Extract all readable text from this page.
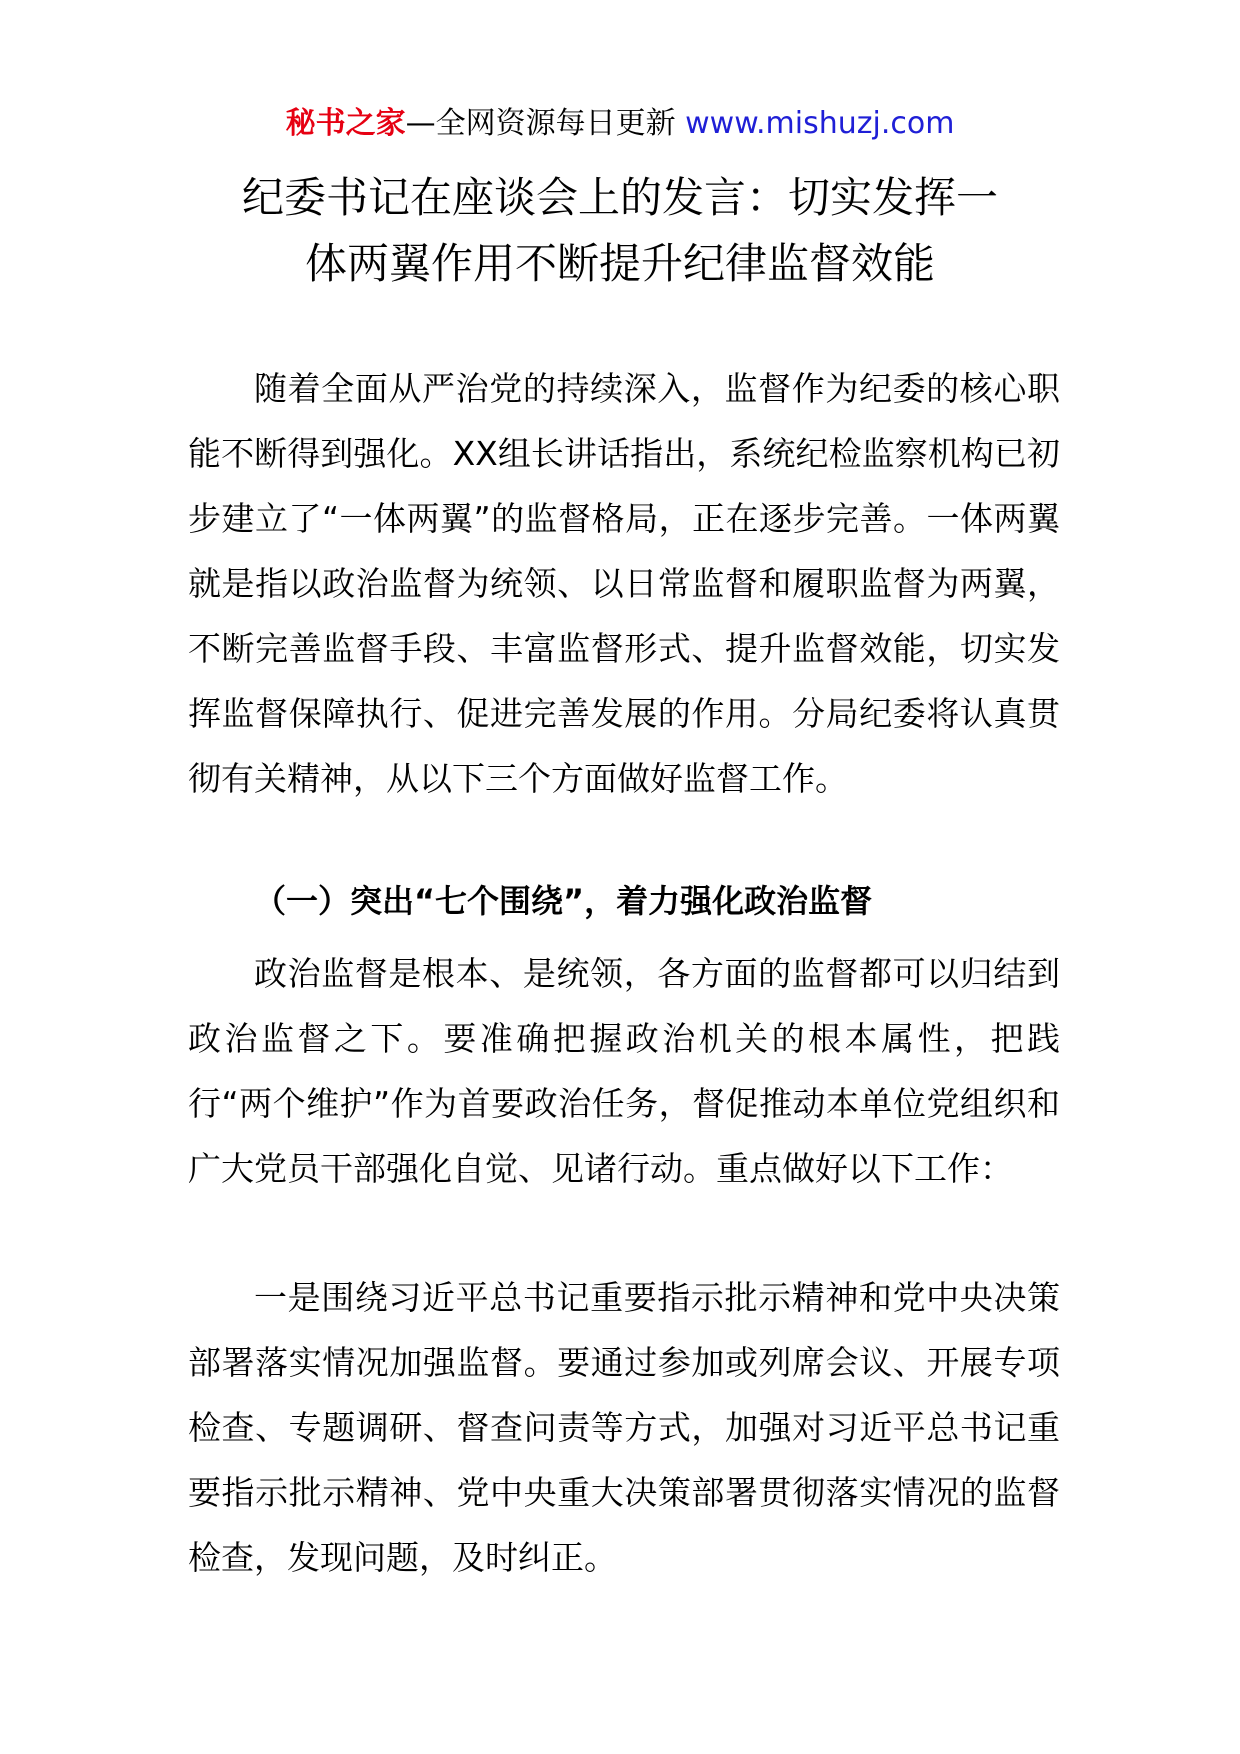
秘书之家—全网资源每日更新 www.mishuzj.com
纪委书记在座谈会上的发言：切实发挥一
体两翼作用不断提升纪律监督效能

随着全面从严治党的持续深入，监督作为纪委的核心职能不断得到强化。XX组长讲话指出，系统纪检监察机构已初步建立了“一体两翼”的监督格局，正在逐步完善。一体两翼就是指以政治监督为统领、以日常监督和履职监督为两翼，不断完善监督手段、丰富监督形式、提升监督效能，切实发挥监督保障执行、促进完善发展的作用。分局纪委将认真贯彻有关精神，从以下三个方面做好监督工作。

（一）突出“七个围绕”，着力强化政治监督

政治监督是根本、是统领，各方面的监督都可以归结到政治监督之下。要准确把握政治机关的根本属性，把践行“两个维护”作为首要政治任务，督促推动本单位党组织和广大党员干部强化自觉、见诸行动。重点做好以下工作：

一是围绕习近平总书记重要指示批示精神和党中央决策部署落实情况加强监督。要通过参加或列席会议、开展专项检查、专题调研、督查问责等方式，加强对习近平总书记重要指示批示精神、党中央重大决策部署贯彻落实情况的监督检查，发现问题，及时纠正。
